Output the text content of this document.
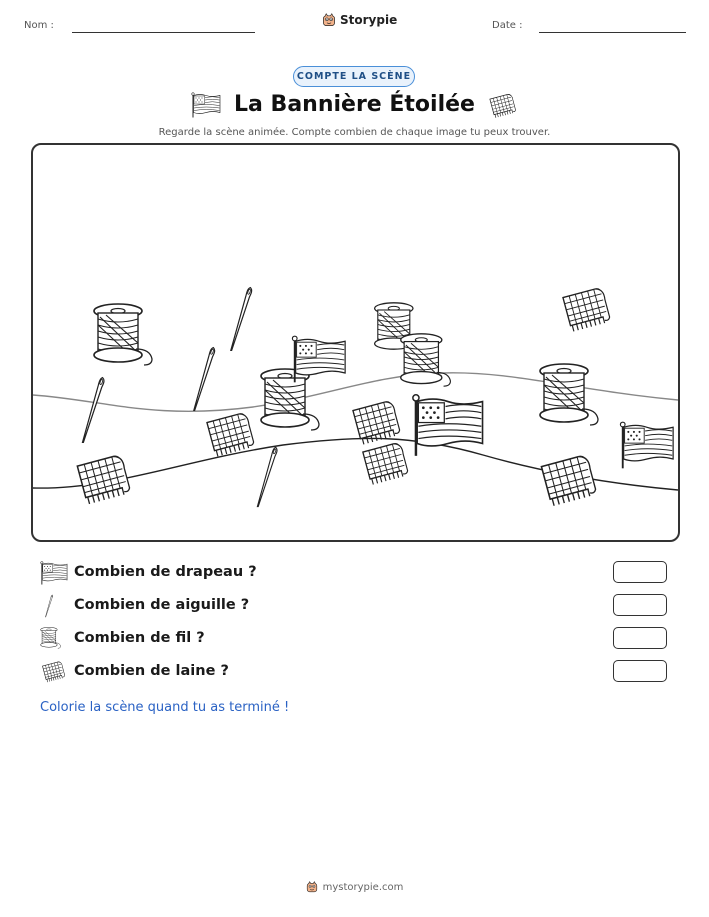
Nom :	Storypie	Date :
COMPTE LA SCÈNE
La Bannière Étoilée
Regarde la scène animée. Compte combien de chaque image tu peux trouver.
Combien de drapeau ?
Combien de aiguille ?
Combien de fil ?
Combien de laine ?
Colorie la scène quand tu as terminé !
mystorypie.com
